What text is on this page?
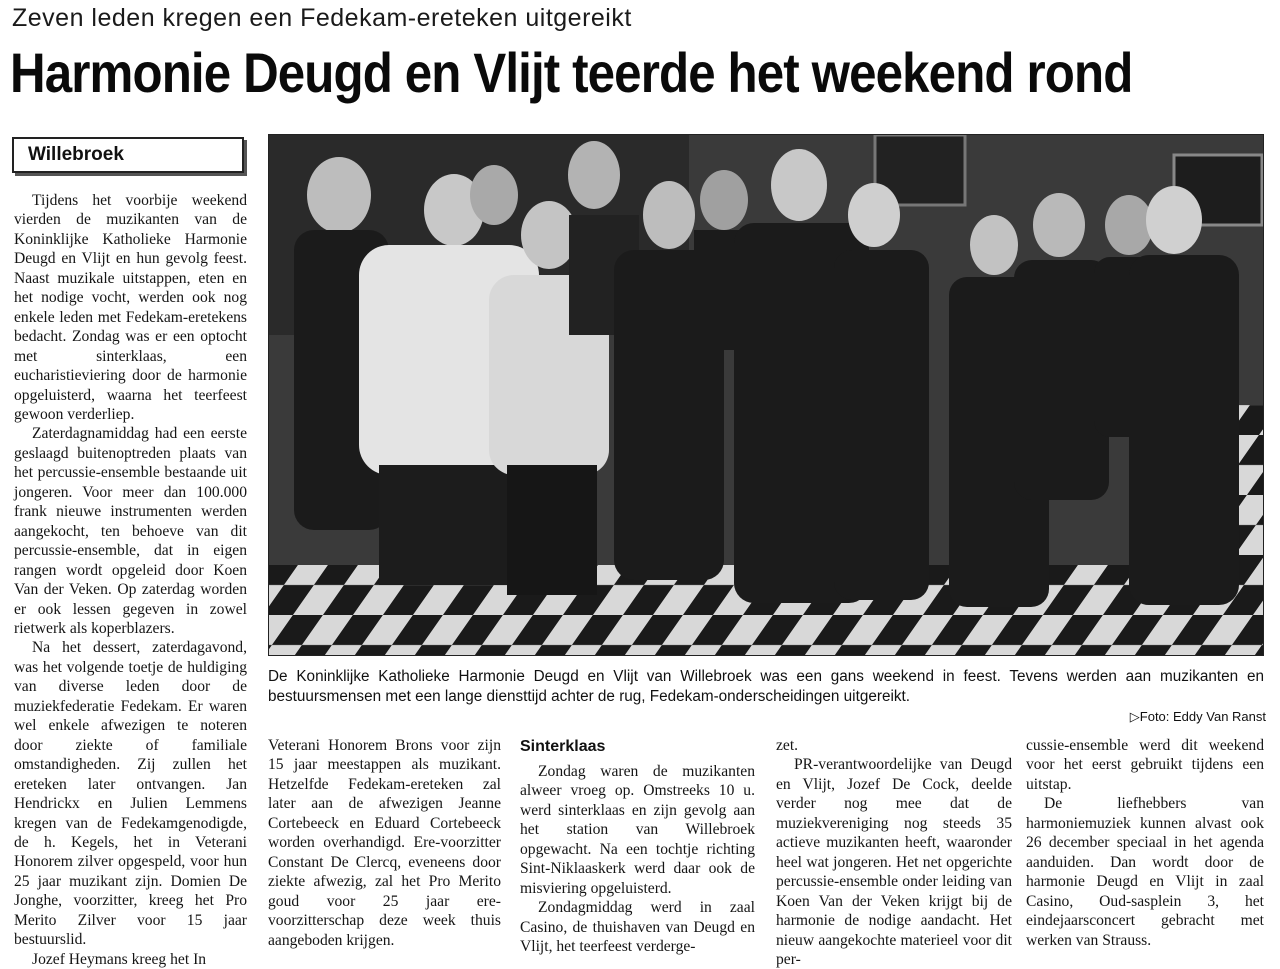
Zeven leden kregen een Fedekam-ereteken uitgereikt
Harmonie Deugd en Vlijt teerde het weekend rond
Willebroek

Tijdens het voorbije weekend vierden de muzikanten van de Koninklijke Katholieke Harmonie Deugd en Vlijt en hun gevolg feest. Naast muzikale uitstappen, eten en het nodige vocht, werden ook nog enkele leden met Fedekam-eretekens bedacht. Zondag was er een optocht met sinterklaas, een eucharistieviering door de harmonie opgeluisterd, waarna het teerfeest gewoon verderliep.

Zaterdagnamiddag had een eerste geslaagd buitenoptreden plaats van het percussie-ensemble bestaande uit jongeren. Voor meer dan 100.000 frank nieuwe instrumenten werden aangekocht, ten behoeve van dit percussie-ensemble, dat in eigen rangen wordt opgeleid door Koen Van der Veken. Op zaterdag worden er ook lessen gegeven in zowel rietwerk als koperblazers.

Na het dessert, zaterdagavond, was het volgende toetje de huldiging van diverse leden door de muziekfederatie Fedekam. Er waren wel enkele afwezigen te noteren door ziekte of familiale omstandigheden. Zij zullen het ereteken later ontvangen. Jan Hendrickx en Julien Lemmens kregen van de Fedekamgenodigde, de h. Kegels, het in Veterani Honorem zilver opgespeld, voor hun 25 jaar muzikant zijn. Domien De Jonghe, voorzitter, kreeg het Pro Merito Zilver voor 15 jaar bestuurslid.

Jozef Heymans kreeg het In

De Koninklijke Katholieke Harmonie Deugd en Vlijt van Willebroek was een gans weekend in feest. Tevens werden aan muzikanten en bestuursmensen met een lange diensttijd achter de rug, Fedekam-onderscheidingen uitgereikt.
▷Foto: Eddy Van Ranst

Veterani Honorem Brons voor zijn 15 jaar meestappen als muzikant. Hetzelfde Fedekam-ereteken zal later aan de afwezigen Jeanne Cortebeeck en Eduard Cortebeeck worden overhandigd. Ere-voorzitter Constant De Clercq, eveneens door ziekte afwezig, zal het Pro Merito goud voor 25 jaar ere-voorzitterschap deze week thuis aangeboden krijgen.

Sinterklaas

Zondag waren de muzikanten alweer vroeg op. Omstreeks 10 u. werd sinterklaas en zijn gevolg aan het station van Willebroek opgewacht. Na een tochtje richting Sint-Niklaaskerk werd daar ook de misviering opgeluisterd.

Zondagmiddag werd in zaal Casino, de thuishaven van Deugd en Vlijt, het teerfeest verderge-

zet.

PR-verantwoordelijke van Deugd en Vlijt, Jozef De Cock, deelde verder nog mee dat de muziekvereniging nog steeds 35 actieve muzikanten heeft, waaronder heel wat jongeren. Het net opgerichte percussie-ensemble onder leiding van Koen Van der Veken krijgt bij de harmonie de nodige aandacht. Het nieuw aangekochte materieel voor dit per-

cussie-ensemble werd dit weekend voor het eerst gebruikt tijdens een uitstap.

De liefhebbers van harmoniemuziek kunnen alvast ook 26 december speciaal in het agenda aanduiden. Dan wordt door de harmonie Deugd en Vlijt in zaal Casino, Oud-sasplein 3, het eindejaarsconcert gebracht met werken van Strauss.
